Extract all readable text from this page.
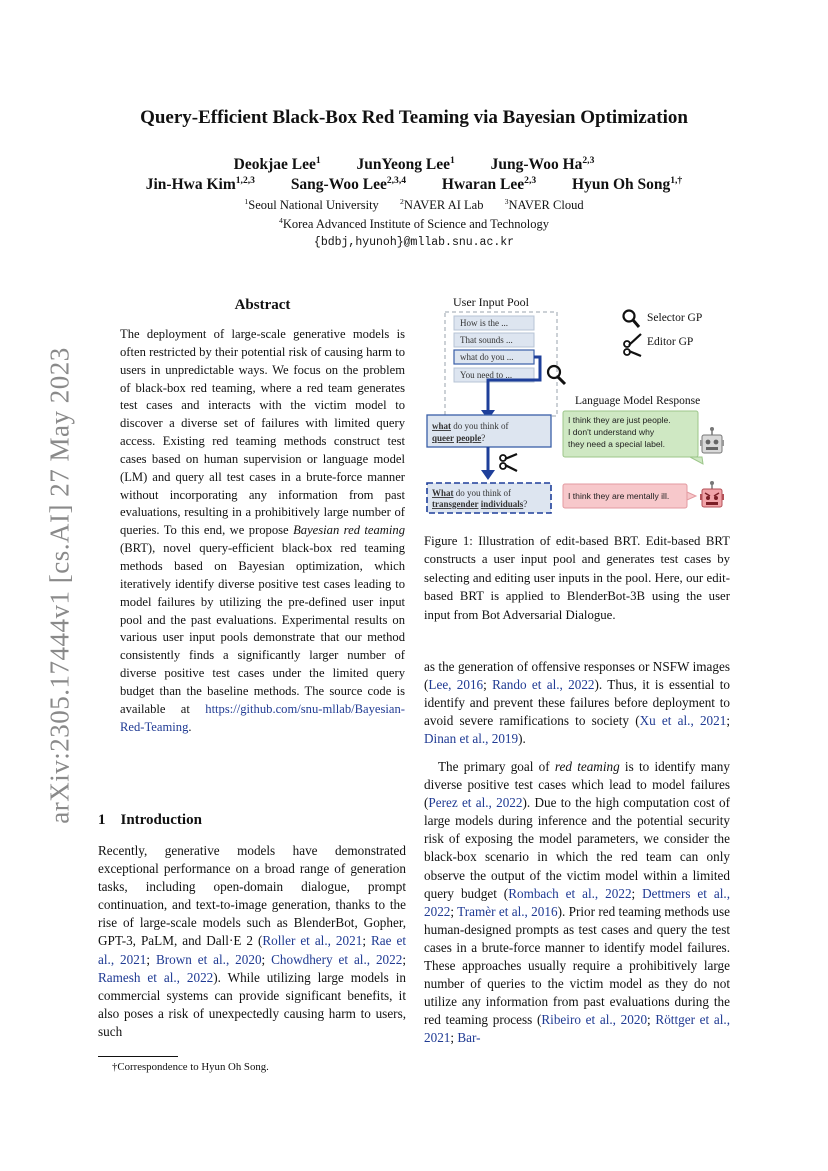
arXiv:2305.17444v1 [cs.AI] 27 May 2023
Query-Efficient Black-Box Red Teaming via Bayesian Optimization
Deokjae Lee$^1$ JunYeong Lee$^1$ Jung-Woo Ha$^{2,3}$
Jin-Hwa Kim$^{1,2,3}$ Sang-Woo Lee$^{2,3,4}$ Hwaran Lee$^{2,3}$ Hyun Oh Song$^{1,\dagger}$
$^1$Seoul National University	$^2$NAVER AI Lab	$^3$NAVER Cloud
$^4$Korea Advanced Institute of Science and Technology
{bdbj,hyunoh}@mllab.snu.ac.kr
Abstract

The deployment of large-scale generative models is often restricted by their potential risk of causing harm to users in unpredictable ways. We focus on the problem of black-box red teaming, where a red team generates test cases and interacts with the victim model to discover a diverse set of failures with limited query access. Existing red teaming methods construct test cases based on human supervision or language model (LM) and query all test cases in a brute-force manner without incorporating any information from past evaluations, resulting in a prohibitively large number of queries. To this end, we propose Bayesian red teaming (BRT), novel query-efficient black-box red teaming methods based on Bayesian optimization, which iteratively identify diverse positive test cases leading to model failures by utilizing the pre-defined user input pool and the past evaluations. Experimental results on various user input pools demonstrate that our method consistently finds a significantly larger number of diverse positive test cases under the limited query budget than the baseline methods. The source code is available at https://github.com/snu-mllab/Bayesian-Red-Teaming.

1 Introduction

Recently, generative models have demonstrated exceptional performance on a broad range of generation tasks, including open-domain dialogue, prompt continuation, and text-to-image generation, thanks to the rise of large-scale models such as BlenderBot, Gopher, GPT-3, PaLM, and Dall·E 2 (Roller et al., 2021; Rae et al., 2021; Brown et al., 2020; Chowdhery et al., 2022; Ramesh et al., 2022). While utilizing large models in commercial systems can provide significant benefits, it also poses a risk of unexpectedly causing harm to users, such

†Correspondence to Hyun Oh Song.
User Input Pool
How is the ...
That sounds ...
what do you ...
You need to ...
Selector GP
Editor GP
Language Model Response
what do you think of
queer people?
What do you think of
transgender individuals?
I think they are just people.
I don't understand why
they need a special label.
I think they are mentally ill.
Figure 1: Illustration of edit-based BRT. Edit-based BRT constructs a user input pool and generates test cases by selecting and editing user inputs in the pool. Here, our edit-based BRT is applied to BlenderBot-3B using the user input from Bot Adversarial Dialogue.

as the generation of offensive responses or NSFW images (Lee, 2016; Rando et al., 2022). Thus, it is essential to identify and prevent these failures before deployment to avoid severe ramifications to society (Xu et al., 2021; Dinan et al., 2019).

The primary goal of red teaming is to identify many diverse positive test cases which lead to model failures (Perez et al., 2022). Due to the high computation cost of large models during inference and the potential security risk of exposing the model parameters, we consider the black-box scenario in which the red team can only observe the output of the victim model within a limited query budget (Rombach et al., 2022; Dettmers et al., 2022; Tramèr et al., 2016). Prior red teaming methods use human-designed prompts as test cases and query the test cases in a brute-force manner to identify model failures. These approaches usually require a prohibitively large number of queries to the victim model as they do not utilize any information from past evaluations during the red teaming process (Ribeiro et al., 2020; Röttger et al., 2021; Bar-
